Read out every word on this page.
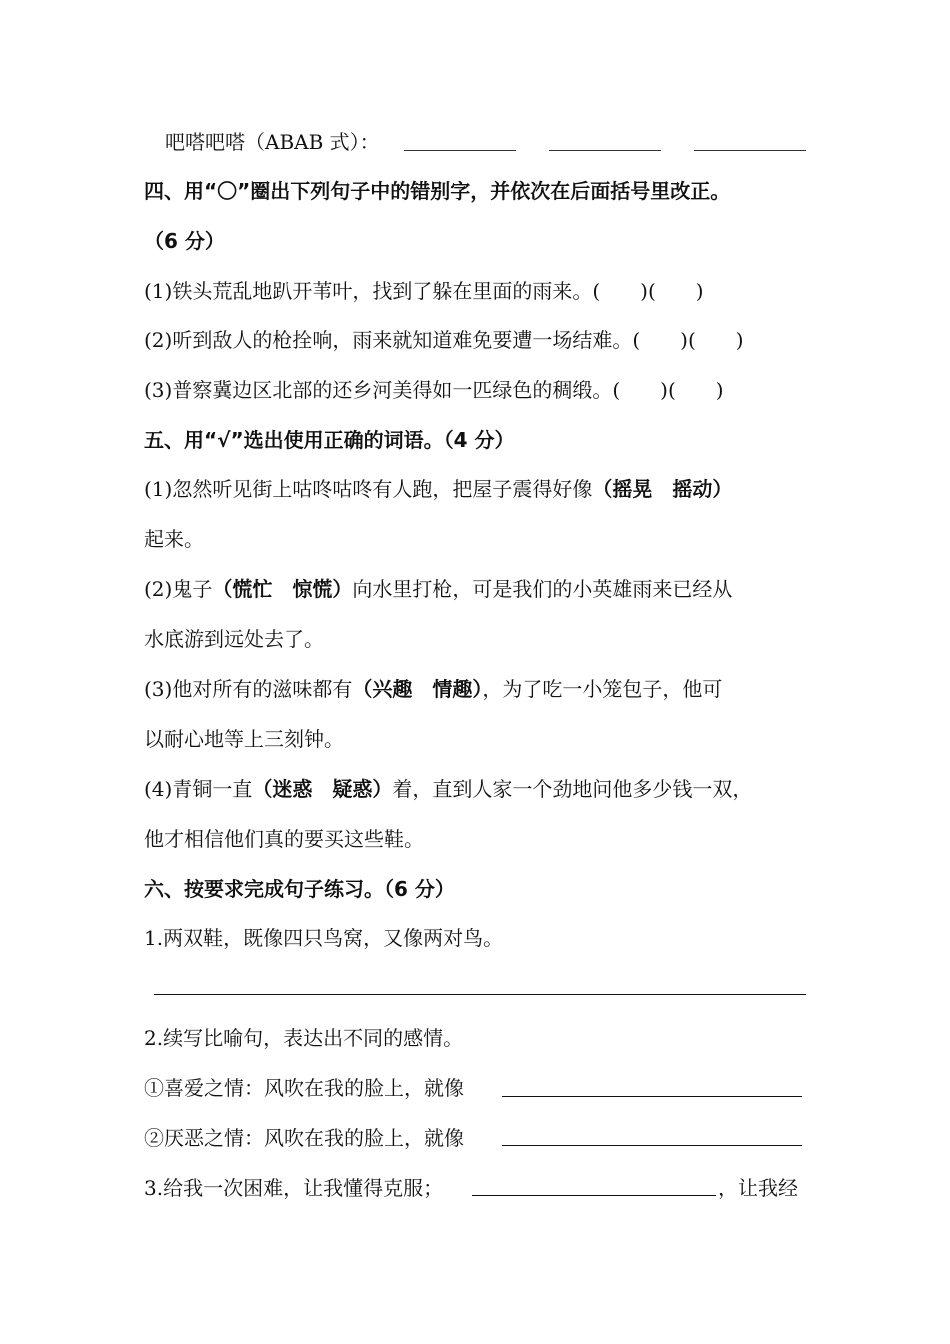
吧嗒吧嗒（ABAB 式）：
四、用“〇”圈出下列句子中的错别字，并依次在后面括号里改正。
（6 分）
(1)铁头荒乱地趴开苇叶，找到了躲在里面的雨来。( )( )
(2)听到敌人的枪拴响，雨来就知道难免要遭一场结难。( )( )
(3)普察冀边区北部的还乡河美得如一匹绿色的稠缎。( )( )
五、用“√”选出使用正确的词语。（4 分）
(1)忽然听见街上咕咚咕咚有人跑，把屋子震得好像（摇晃　摇动）
起来。
(2)鬼子（慌忙　惊慌）向水里打枪，可是我们的小英雄雨来已经从
水底游到远处去了。
(3)他对所有的滋味都有（兴趣　情趣），为了吃一小笼包子，他可
以耐心地等上三刻钟。
(4)青铜一直（迷惑　疑惑）着，直到人家一个劲地问他多少钱一双，
他才相信他们真的要买这些鞋。
六、按要求完成句子练习。（6 分）
1.两双鞋，既像四只鸟窝，又像两对鸟。
2.续写比喻句，表达出不同的感情。
①喜爱之情：风吹在我的脸上，就像
②厌恶之情：风吹在我的脸上，就像
3.给我一次困难，让我懂得克服；	，让我经
